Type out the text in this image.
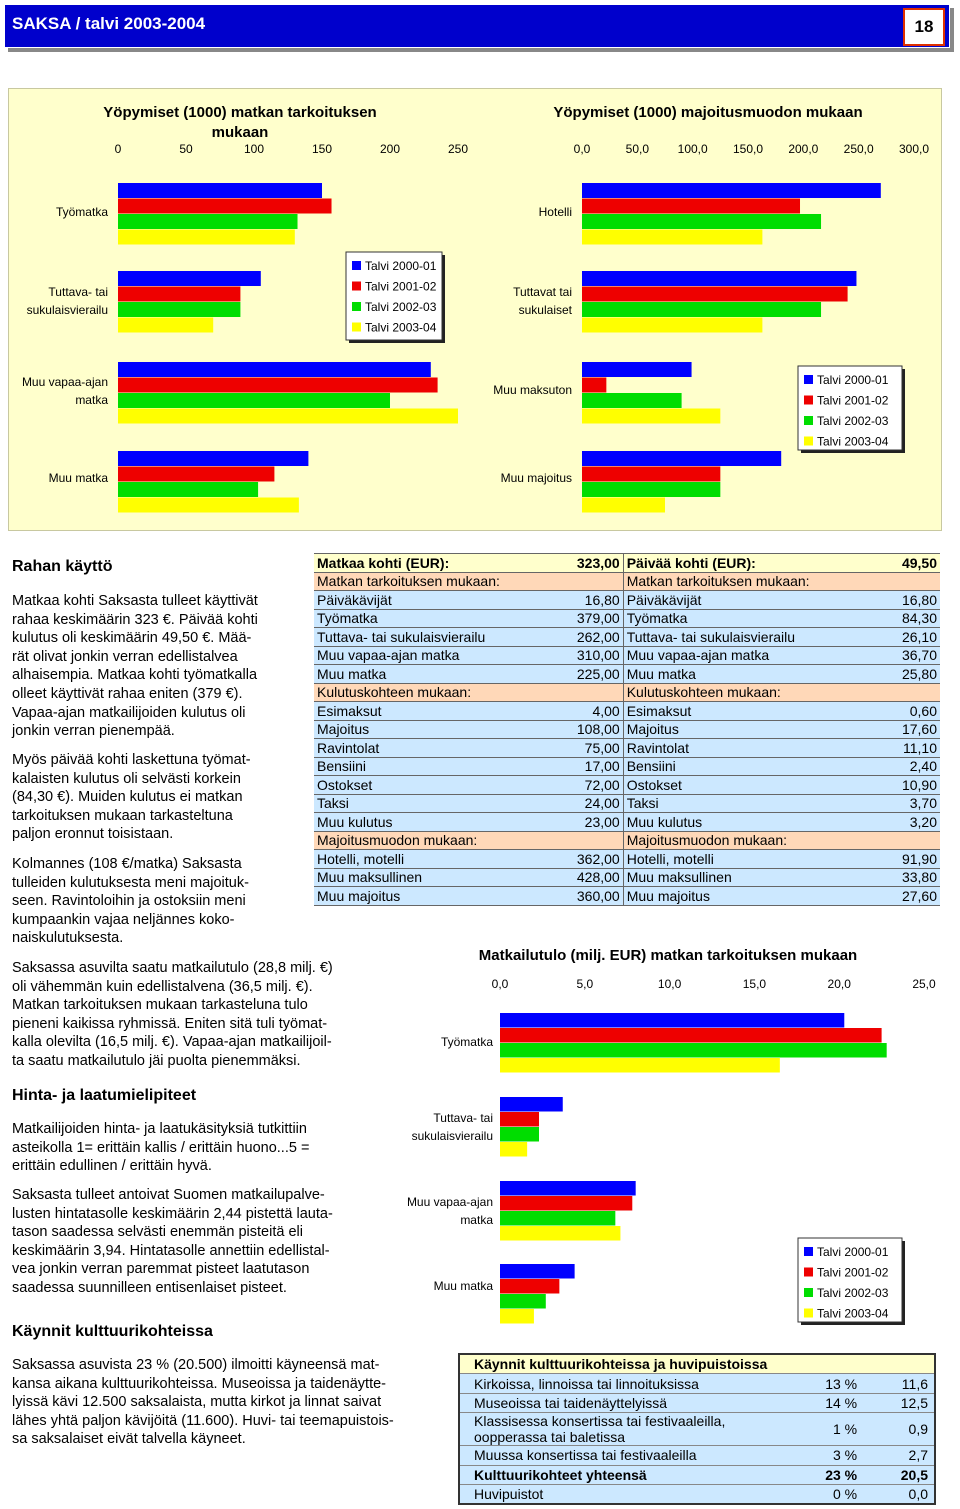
SAKSA / talvi 2003-2004	18
Yöpymiset (1000) matkan tarkoituksen
mukaan
0	50	100	150	200	250
Työmatka
Tuttava- tai
sukulaisvierailu
Muu vapaa-ajan
matka
Muu matka
Talvi 2000-01
Talvi 2001-02
Talvi 2002-03
Talvi 2003-04
Yöpymiset (1000) majoitusmuodon mukaan
0,0	50,0 100,0 150,0 200,0 250,0 300,0
Hotelli
Tuttavat tai
sukulaiset
Muu maksuton
Muu majoitus
Talvi 2000-01
Talvi 2001-02
Talvi 2002-03
Talvi 2003-04
Matkailutulo (milj. EUR) matkan tarkoituksen mukaan
0,0	5,0	10,0	15,0	20,0	25,0
Työmatka
Tuttava- tai
sukulaisvierailu
Muu vapaa-ajan
matka
Muu matka
Talvi 2000-01
Talvi 2001-02
Talvi 2002-03
Talvi 2003-04
Rahan käyttö
Matkaa kohti Saksasta tulleet käyttivät
rahaa keskimäärin 323 €. Päivää kohti
kulutus oli keskimäärin 49,50 €. Mää-
rät olivat jonkin verran edellistalvea
alhaisempia. Matkaa kohti työmatkalla
olleet käyttivät rahaa eniten (379 €).
Vapaa-ajan matkailijoiden kulutus oli
jonkin verran pienempää.
Myös päivää kohti laskettuna työmat-
kalaisten kulutus oli selvästi korkein
(84,30 €). Muiden kulutus ei matkan
tarkoituksen mukaan tarkasteltuna
paljon eronnut toisistaan.
Kolmannes (108 €/matka) Saksasta
tulleiden kulutuksesta meni majoituk-
seen. Ravintoloihin ja ostoksiin meni
kumpaankin vajaa neljännes koko-
naiskulutuksesta.
Saksassa asuvilta saatu matkailutulo (28,8 milj. €)
oli vähemmän kuin edellistalvena (36,5 milj. €).
Matkan tarkoituksen mukaan tarkasteluna tulo
pieneni kaikissa ryhmissä. Eniten sitä tuli työmat-
kalla olevilta (16,5 milj. €). Vapaa-ajan matkailijoil-
ta saatu matkailutulo jäi puolta pienemmäksi.
Hinta- ja laatumielipiteet
Matkailijoiden hinta- ja laatukäsityksiä tutkittiin
asteikolla 1= erittäin kallis / erittäin huono...5 =
erittäin edullinen / erittäin hyvä.
Saksasta tulleet antoivat Suomen matkailupalve-
lusten hintatasolle keskimäärin 2,44 pistettä lauta-
tason saadessa selvästi enemmän pisteitä eli
keskimäärin 3,94. Hintatasolle annettiin edellistal-
vea jonkin verran paremmat pisteet laatutason
saadessa suunnilleen entisenlaiset pisteet.
Käynnit kulttuurikohteissa
Saksassa asuvista 23 % (20.500) ilmoitti käyneensä mat-
kansa aikana kulttuurikohteissa. Museoissa ja taidenäytte-
lyissä kävi 12.500 saksalaista, mutta kirkot ja linnat saivat
lähes yhtä paljon kävijöitä (11.600). Huvi- tai teemapuistois-
sa saksalaiset eivät talvella käyneet.
Matkaa kohti (EUR):	323,00	Päivää kohti (EUR):	49,50
Matkan tarkoituksen mukaan:		Matkan tarkoituksen mukaan:	
Päiväkävijät	16,80	Päiväkävijät	16,80
Työmatka	379,00	Työmatka	84,30
Tuttava- tai sukulaisvierailu	262,00	Tuttava- tai sukulaisvierailu	26,10
Muu vapaa-ajan matka	310,00	Muu vapaa-ajan matka	36,70
Muu matka	225,00	Muu matka	25,80
Kulutuskohteen mukaan:		Kulutuskohteen mukaan:	
Esimaksut	4,00	Esimaksut	0,60
Majoitus	108,00	Majoitus	17,60
Ravintolat	75,00	Ravintolat	11,10
Bensiini	17,00	Bensiini	2,40
Ostokset	72,00	Ostokset	10,90
Taksi	24,00	Taksi	3,70
Muu kulutus	23,00	Muu kulutus	3,20
Majoitusmuodon mukaan:		Majoitusmuodon mukaan:	
Hotelli, motelli	362,00	Hotelli, motelli	91,90
Muu maksullinen	428,00	Muu maksullinen	33,80
Muu majoitus	360,00	Muu majoitus	27,60
Käynnit kulttuurikohteissa ja huvipuistoissa		

Kirkoissa, linnoissa tai linnoituksissa	13 %	11,6

Museoissa tai taidenäyttelyissä	14 %	12,5

Klassisessa konsertissa tai festivaaleilla,
oopperassa tai baletissa	1 %	0,9

Muussa konsertissa tai festivaaleilla	3 %	2,7

Kulttuurikohteet yhteensä	23 %	20,5

Huvipuistot	0 %	0,0
